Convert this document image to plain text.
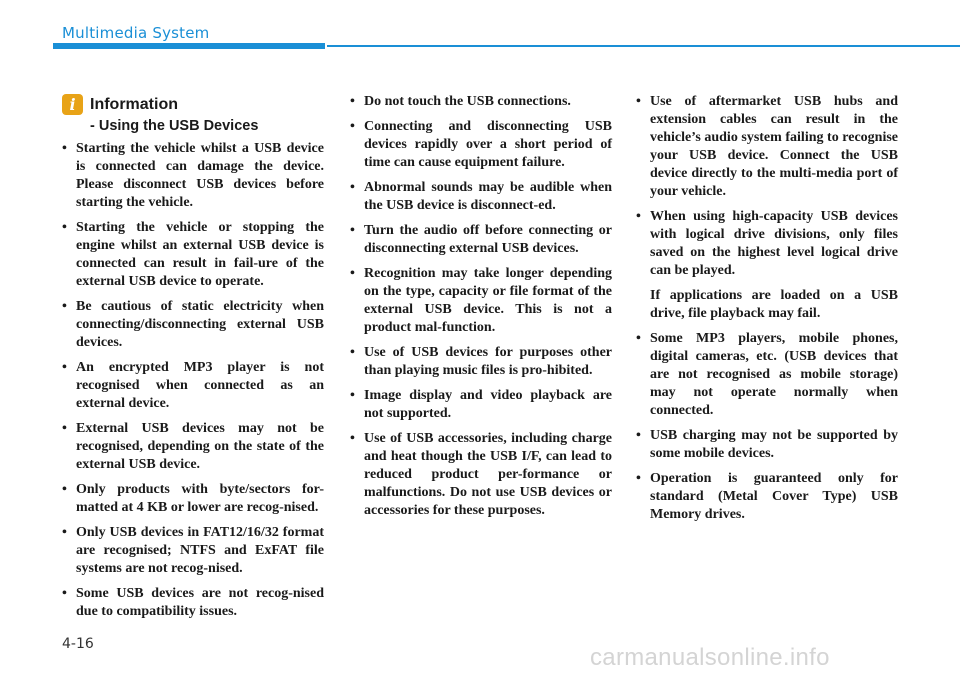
Multimedia System
i Information
- Using the USB Devices
• Starting the vehicle whilst a USB device is connected can damage the device. Please disconnect USB devices before starting the vehicle.
• Starting the vehicle or stopping the engine whilst an external USB device is connected can result in fail-ure of the external USB device to operate.
• Be cautious of static electricity when connecting/disconnecting external USB devices.
• An encrypted MP3 player is not recognised when connected as an external device.
• External USB devices may not be recognised, depending on the state of the external USB device.
• Only products with byte/sectors for-matted at 4 KB or lower are recog-nised.
• Only USB devices in FAT12/16/32 format are recognised; NTFS and ExFAT file systems are not recog-nised.
• Some USB devices are not recog-nised due to compatibility issues.
• Do not touch the USB connections.
• Connecting and disconnecting USB devices rapidly over a short period of time can cause equipment failure.
• Abnormal sounds may be audible when the USB device is disconnect-ed.
• Turn the audio off before connecting or disconnecting external USB devices.
• Recognition may take longer depending on the type, capacity or file format of the external USB device. This is not a product mal-function.
• Use of USB devices for purposes other than playing music files is pro-hibited.
• Image display and video playback are not supported.
• Use of USB accessories, including charge and heat though the USB I/F, can lead to reduced product per-formance or malfunctions. Do not use USB devices or accessories for these purposes.
• Use of aftermarket USB hubs and extension cables can result in the vehicle’s audio system failing to recognise your USB device. Connect the USB device directly to the multi-media port of your vehicle.
• When using high-capacity USB devices with logical drive divisions, only files saved on the highest level logical drive can be played.
If applications are loaded on a USB drive, file playback may fail.
• Some MP3 players, mobile phones, digital cameras, etc. (USB devices that are not recognised as mobile storage) may not operate normally when connected.
• USB charging may not be supported by some mobile devices.
• Operation is guaranteed only for standard (Metal Cover Type) USB Memory drives.
4-16	carmanualsonline.info
